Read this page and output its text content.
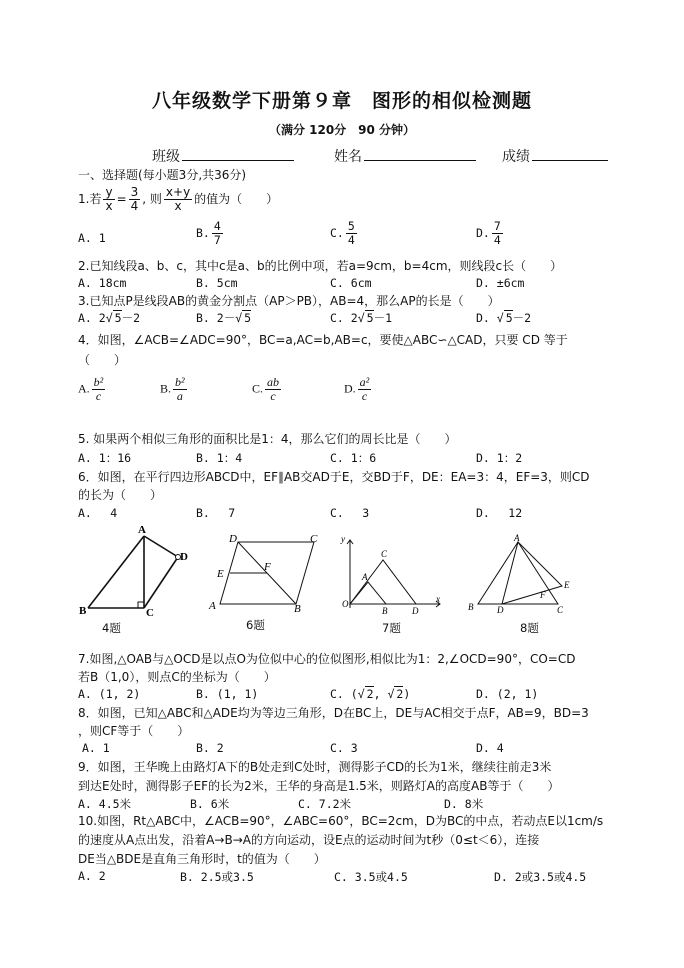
八年级数学下册第９章　图形的相似检测题
（满分 120分　90 分钟）
班级	姓名	成绩
一、选择题(每小题3分,共36分)
1.若 $\frac{y}{x} = \frac{3}{4}$ , 则 $\frac{x+y}{x}$ 的值为（　　）
A. 1	B. $\frac{4}{7}$	C. $\frac{5}{4}$	D. $\frac{7}{4}$
2.已知线段a、b、c，其中c是a、b的比例中项，若a=9cm，b=4cm，则线段c长（　　）
A. 18cm	B. 5cm	C. 6cm	D. ±6cm
3.已知点P是线段AB的黄金分割点（AP＞PB），AB=4，那么AP的长是（　　）
A. 2√ 5－2	B. 2－√ 5	C. 2√ 5－1	D. √ 5－2
4．如图，∠ACB=∠ADC=90°，BC=a,AC=b,AB=c，要使△ABC∽△CAD，只要 CD 等于
（　　）
A. $\frac{\text{b²}}{c}$	B. $\frac{\text{b²}}{a}$	C. $\frac{ab}{c}$	D. $\frac{\text{a²}}{c}$
5. 如果两个相似三角形的面积比是1：4，那么它们的周长比是（　　）
A. 1：16	B. 1：4	C. 1：6	D. 1：2
6．如图，在平行四边形ABCD中，EF∥AB交AD于E，交BD于F，DE：EA=3：4，EF=3，则CD
的长为（　　）
A.　 4	B.　 7	C.　 3	D.　 12
A
B	C
D
D	C
E
F
A	B
y
x
O
A
C
B	D
A
B	D
F
C
E
4题	6题	7题	8题
7.如图,△OAB与△OCD是以点O为位似中心的位似图形,相似比为1：2,∠OCD=90°，CO=CD
若B（1,0），则点C的坐标为（　　）
A. (1, 2)	B. (1, 1)	C. (√ 2, √ 2)	D. (2, 1)
8．如图，已知△ABC和△ADE均为等边三角形，D在BC上，DE与AC相交于点F，AB=9，BD=3
，则CF等于（　　）
A. 1	B. 2	C. 3	D. 4
9．如图，王华晚上由路灯A下的B处走到C处时，测得影子CD的长为1米，继续往前走3米
到达E处时，测得影子EF的长为2米，王华的身高是1.5米，则路灯A的高度AB等于（　　）
A. 4.5米	B. 6米	C. 7.2米	D. 8米
10.如图，Rt△ABC中，∠ACB=90°，∠ABC=60°，BC=2cm，D为BC的中点，若动点E以1cm/s
的速度从A点出发，沿着A→B→A的方向运动，设E点的运动时间为t秒（0≤t＜6），连接
DE当△BDE是直角三角形时，t的值为（　　）
A. 2	B. 2.5或3.5	C. 3.5或4.5	D. 2或3.5或4.5
